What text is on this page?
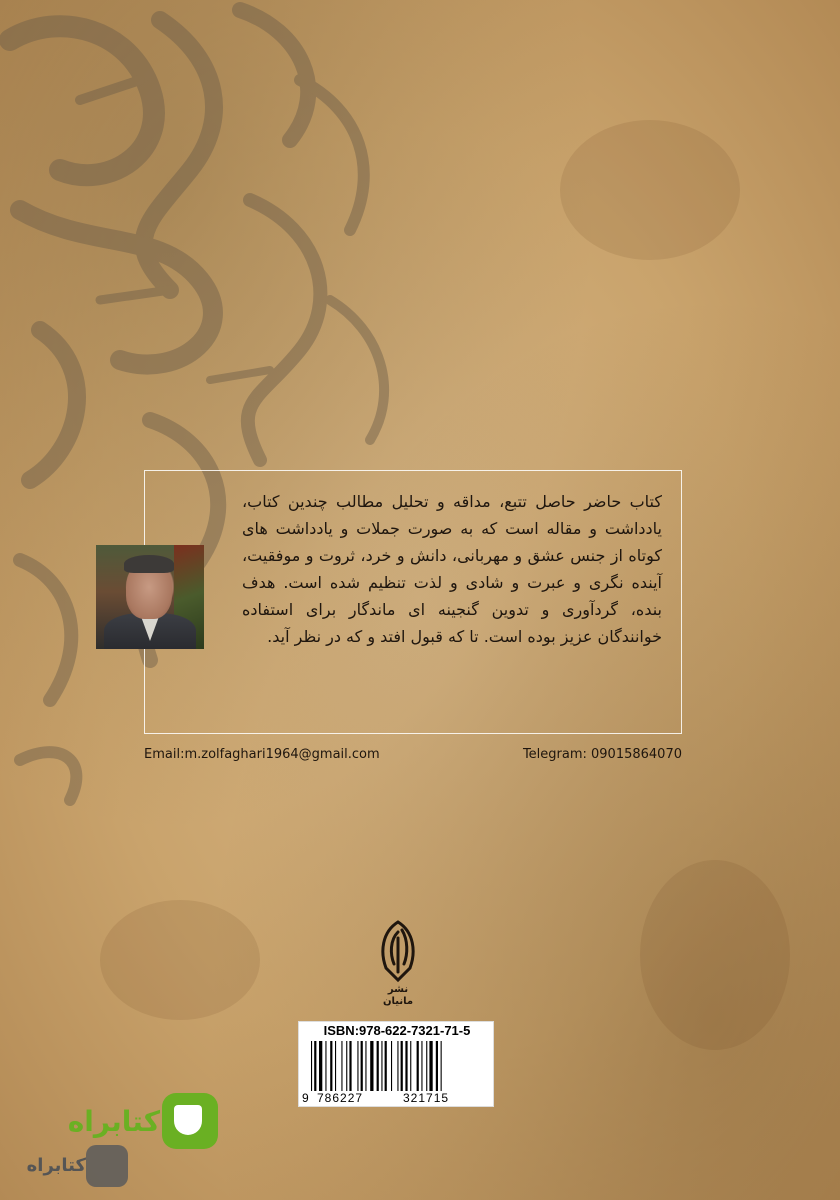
کتاب حاضر حاصل تتبع، مداقه و تحلیل مطالب چندین کتاب، یادداشت و مقاله است که به صورت جملات و یادداشت های کوتاه از جنس عشق و مهربانی، دانش و خرد، ثروت و موفقیت، آینده نگری و عبرت و شادی و لذت تنظیم شده است. هدف بنده، گردآوری و تدوین گنجینه ای ماندگار برای استفاده خوانندگان عزیز بوده است. تا که قبول افتد و که در نظر آید.

Email:m.zolfaghari1964@gmail.com	Telegram: 09015864070

نشر
مانیان

ISBN:978-622-7321-71-5
9 786227	321715

کتابراه

کتابراه
